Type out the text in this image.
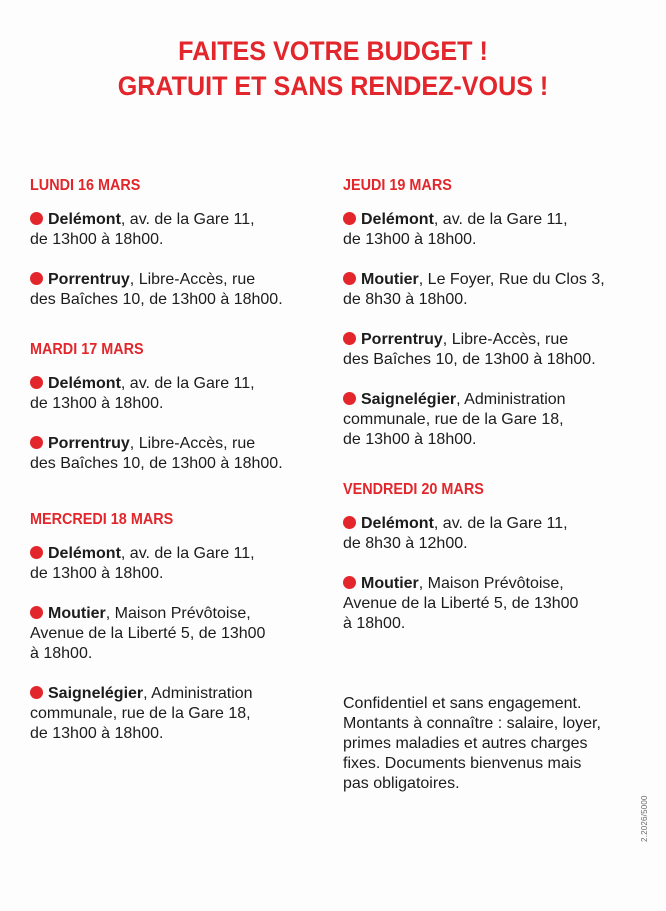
FAITES VOTRE BUDGET !
GRATUIT ET SANS RENDEZ-VOUS !
LUNDI 16 MARS
Delémont, av. de la Gare 11,
de 13h00 à 18h00.
Porrentruy, Libre-Accès, rue
des Baîches 10, de 13h00 à 18h00.
MARDI 17 MARS
Delémont, av. de la Gare 11,
de 13h00 à 18h00.
Porrentruy, Libre-Accès, rue
des Baîches 10, de 13h00 à 18h00.
MERCREDI 18 MARS
Delémont, av. de la Gare 11,
de 13h00 à 18h00.
Moutier, Maison Prévôtoise,
Avenue de la Liberté 5, de 13h00
à 18h00.
Saignelégier, Administration
communale, rue de la Gare 18,
de 13h00 à 18h00.
JEUDI 19 MARS
Delémont, av. de la Gare 11,
de 13h00 à 18h00.
Moutier, Le Foyer, Rue du Clos 3,
de 8h30 à 18h00.
Porrentruy, Libre-Accès, rue
des Baîches 10, de 13h00 à 18h00.
Saignelégier, Administration
communale, rue de la Gare 18,
de 13h00 à 18h00.
VENDREDI 20 MARS
Delémont, av. de la Gare 11,
de 8h30 à 12h00.
Moutier, Maison Prévôtoise,
Avenue de la Liberté 5, de 13h00
à 18h00.
Confidentiel et sans engagement.
Montants à connaître : salaire, loyer,
primes maladies et autres charges
fixes. Documents bienvenus mais
pas obligatoires.
2.2026/5000
